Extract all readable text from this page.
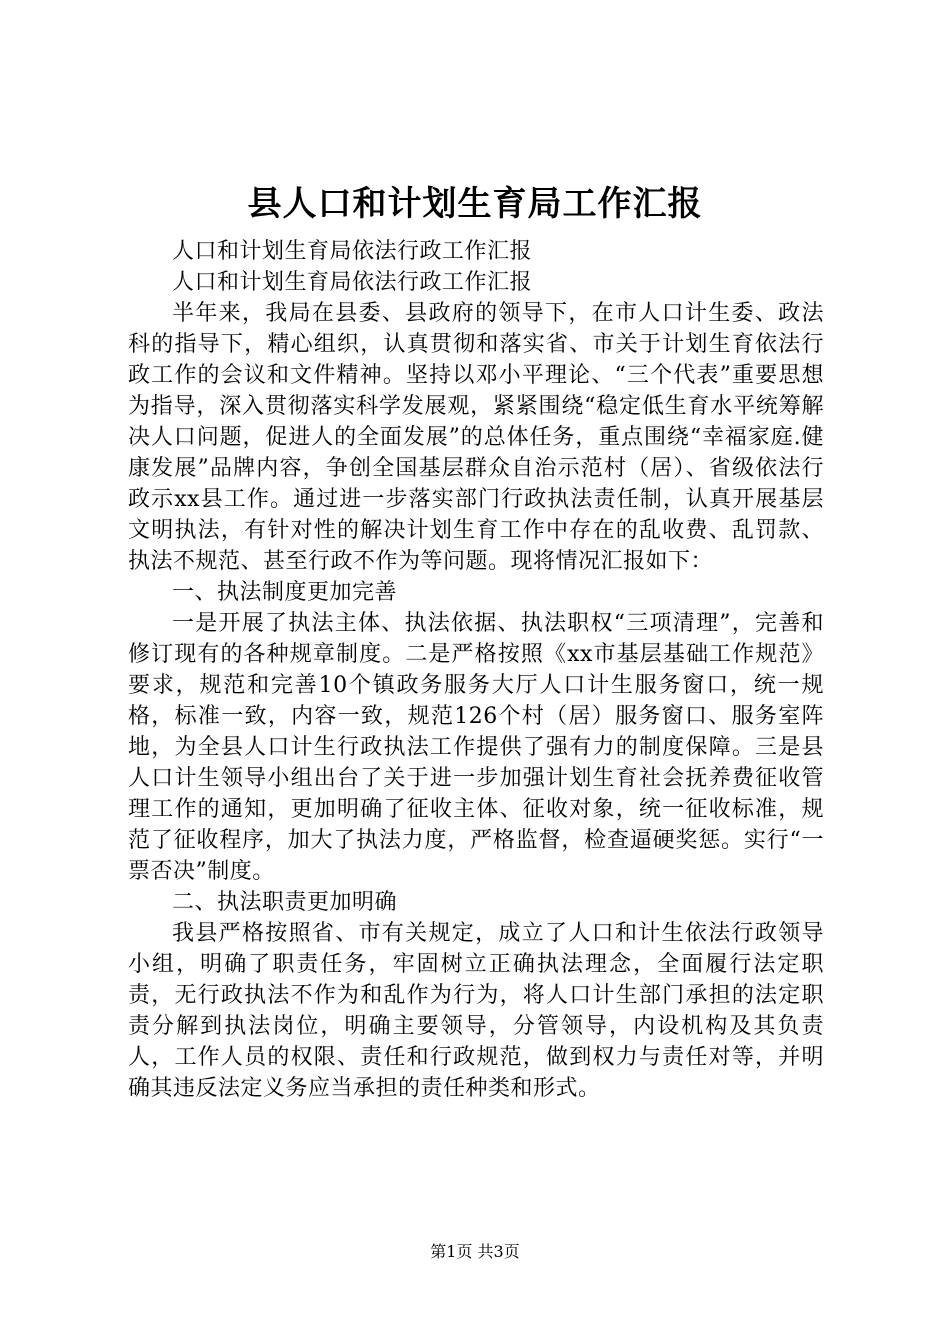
县人口和计划生育局工作汇报

人口和计划生育局依法行政工作汇报

人口和计划生育局依法行政工作汇报

半年来，我局在县委、县政府的领导下，在市人口计生委、政法科的指导下，精心组织，认真贯彻和落实省、市关于计划生育依法行政工作的会议和文件精神。坚持以邓小平理论、“三个代表”重要思想为指导，深入贯彻落实科学发展观，紧紧围绕“稳定低生育水平统筹解决人口问题，促进人的全面发展”的总体任务，重点围绕“幸福家庭.健康发展”品牌内容，争创全国基层群众自治示范村（居）、省级依法行政示xx县工作。通过进一步落实部门行政执法责任制，认真开展基层文明执法，有针对性的解决计划生育工作中存在的乱收费、乱罚款、执法不规范、甚至行政不作为等问题。现将情况汇报如下：

一、执法制度更加完善

一是开展了执法主体、执法依据、执法职权“三项清理”，完善和修订现有的各种规章制度。二是严格按照《xx市基层基础工作规范》要求，规范和完善10个镇政务服务大厅人口计生服务窗口，统一规格，标准一致，内容一致，规范126个村（居）服务窗口、服务室阵地，为全县人口计生行政执法工作提供了强有力的制度保障。三是县人口计生领导小组出台了关于进一步加强计划生育社会抚养费征收管理工作的通知，更加明确了征收主体、征收对象，统一征收标准，规范了征收程序，加大了执法力度，严格监督，检查逼硬奖惩。实行“一票否决”制度。

二、执法职责更加明确

我县严格按照省、市有关规定，成立了人口和计生依法行政领导小组，明确了职责任务，牢固树立正确执法理念，全面履行法定职责，无行政执法不作为和乱作为行为，将人口计生部门承担的法定职责分解到执法岗位，明确主要领导，分管领导，内设机构及其负责人，工作人员的权限、责任和行政规范，做到权力与责任对等，并明确其违反法定义务应当承担的责任种类和形式。

第1页 共3页
